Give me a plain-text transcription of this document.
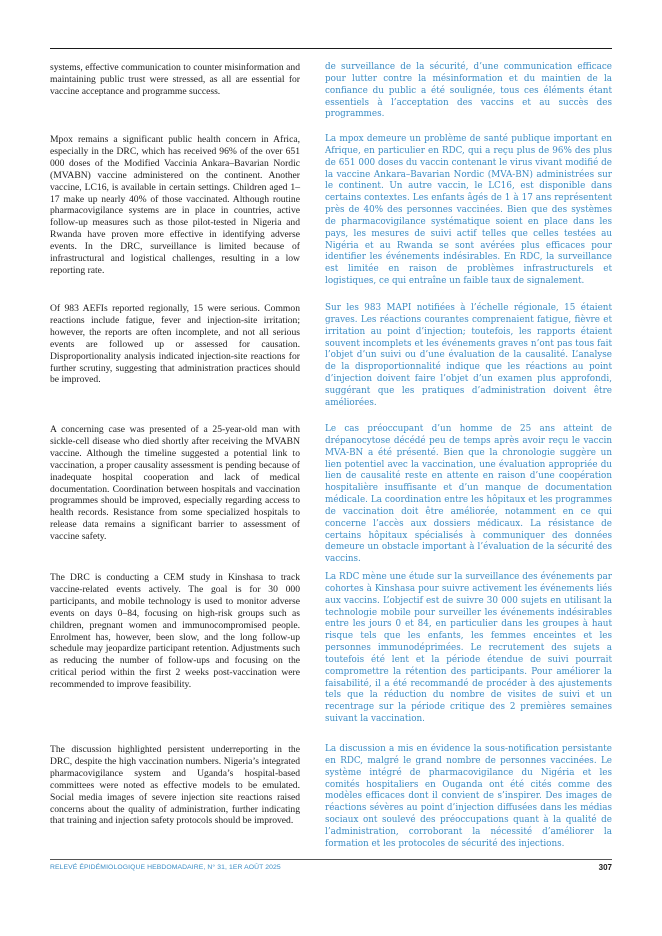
systems, effective communication to counter misinformation and maintaining public trust were stressed, as all are essential for vaccine acceptance and programme success.

Mpox remains a significant public health concern in Africa, especially in the DRC, which has received 96% of the over 651 000 doses of the Modified Vaccinia Ankara–Bavarian Nordic (MVABN) vaccine administered on the continent. Another vaccine, LC16, is available in certain settings. Children aged 1–17 make up nearly 40% of those vaccinated. Although routine pharmacovigilance systems are in place in countries, active follow-up measures such as those pilot-tested in Nigeria and Rwanda have proven more effective in identifying adverse events. In the DRC, surveillance is limited because of infrastructural and logistical challenges, resulting in a low reporting rate.

Of 983 AEFIs reported regionally, 15 were serious. Common reactions include fatigue, fever and injection-site irritation; however, the reports are often incomplete, and not all serious events are followed up or assessed for causation. Disproportionality analysis indicated injection-site reactions for further scrutiny, suggesting that administration practices should be improved.

A concerning case was presented of a 25-year-old man with sickle-cell disease who died shortly after receiving the MVABN vaccine. Although the timeline suggested a potential link to vaccination, a proper causality assessment is pending because of inadequate hospital cooperation and lack of medical documentation. Coordination between hospitals and vaccination programmes should be improved, especially regarding access to health records. Resistance from some specialized hospitals to release data remains a significant barrier to assessment of vaccine safety.

The DRC is conducting a CEM study in Kinshasa to track vaccine-related events actively. The goal is for 30 000 participants, and mobile technology is used to monitor adverse events on days 0–84, focusing on high-risk groups such as children, pregnant women and immunocompromised people. Enrolment has, however, been slow, and the long follow-up schedule may jeopardize participant retention. Adjustments such as reducing the number of follow-ups and focusing on the critical period within the first 2 weeks post-vaccination were recommended to improve feasibility.

The discussion highlighted persistent underreporting in the DRC, despite the high vaccination numbers. Nigeria’s integrated pharmacovigilance system and Uganda’s hospital-based committees were noted as effective models to be emulated. Social media images of severe injection site reactions raised concerns about the quality of administration, further indicating that training and injection safety protocols should be improved.

de surveillance de la sécurité, d’une communication efficace pour lutter contre la mésinformation et du maintien de la confiance du public a été soulignée, tous ces éléments étant essentiels à l’acceptation des vaccins et au succès des programmes.

La mpox demeure un problème de santé publique important en Afrique, en particulier en RDC, qui a reçu plus de 96% des plus de 651 000 doses du vaccin contenant le virus vivant modifié de la vaccine Ankara–Bavarian Nordic (MVA-BN) administrées sur le continent. Un autre vaccin, le LC16, est disponible dans certains contextes. Les enfants âgés de 1 à 17 ans représentent près de 40% des personnes vaccinées. Bien que des systèmes de pharmacovigilance systématique soient en place dans les pays, les mesures de suivi actif telles que celles testées au Nigéria et au Rwanda se sont avérées plus efficaces pour identifier les événements indésirables. En RDC, la surveillance est limitée en raison de problèmes infrastructurels et logistiques, ce qui entraîne un faible taux de signalement.

Sur les 983 MAPI notifiées à l’échelle régionale, 15 étaient graves. Les réactions courantes comprenaient fatigue, fièvre et irritation au point d’injection; toutefois, les rapports étaient souvent incomplets et les événements graves n’ont pas tous fait l’objet d’un suivi ou d’une évaluation de la causalité. L’analyse de la disproportionnalité indique que les réactions au point d’injection doivent faire l’objet d’un examen plus approfondi, suggérant que les pratiques d’administration doivent être améliorées.

Le cas préoccupant d’un homme de 25 ans atteint de drépanocytose décédé peu de temps après avoir reçu le vaccin MVA-BN a été présenté. Bien que la chronologie suggère un lien potentiel avec la vaccination, une évaluation appropriée du lien de causalité reste en attente en raison d’une coopération hospitalière insuffisante et d’un manque de documentation médicale. La coordination entre les hôpitaux et les programmes de vaccination doit être améliorée, notamment en ce qui concerne l’accès aux dossiers médicaux. La résistance de certains hôpitaux spécialisés à communiquer des données demeure un obstacle important à l’évaluation de la sécurité des vaccins.

La RDC mène une étude sur la surveillance des événements par cohortes à Kinshasa pour suivre activement les événements liés aux vaccins. L’objectif est de suivre 30 000 sujets en utilisant la technologie mobile pour surveiller les événements indésirables entre les jours 0 et 84, en particulier dans les groupes à haut risque tels que les enfants, les femmes enceintes et les personnes immunodéprimées. Le recrutement des sujets a toutefois été lent et la période étendue de suivi pourrait compromettre la rétention des participants. Pour améliorer la faisabilité, il a été recommandé de procéder à des ajustements tels que la réduction du nombre de visites de suivi et un recentrage sur la période critique des 2 premières semaines suivant la vaccination.

La discussion a mis en évidence la sous-notification persistante en RDC, malgré le grand nombre de personnes vaccinées. Le système intégré de pharmacovigilance du Nigéria et les comités hospitaliers en Ouganda ont été cités comme des modèles efficaces dont il convient de s’inspirer. Des images de réactions sévères au point d’injection diffusées dans les médias sociaux ont soulevé des préoccupations quant à la qualité de l’administration, corroborant la nécessité d’améliorer la formation et les protocoles de sécurité des injections.

RELEVÉ ÉPIDÉMIOLOGIQUE HEBDOMADAIRE, N° 31, 1ER AOÛT 2025	307
